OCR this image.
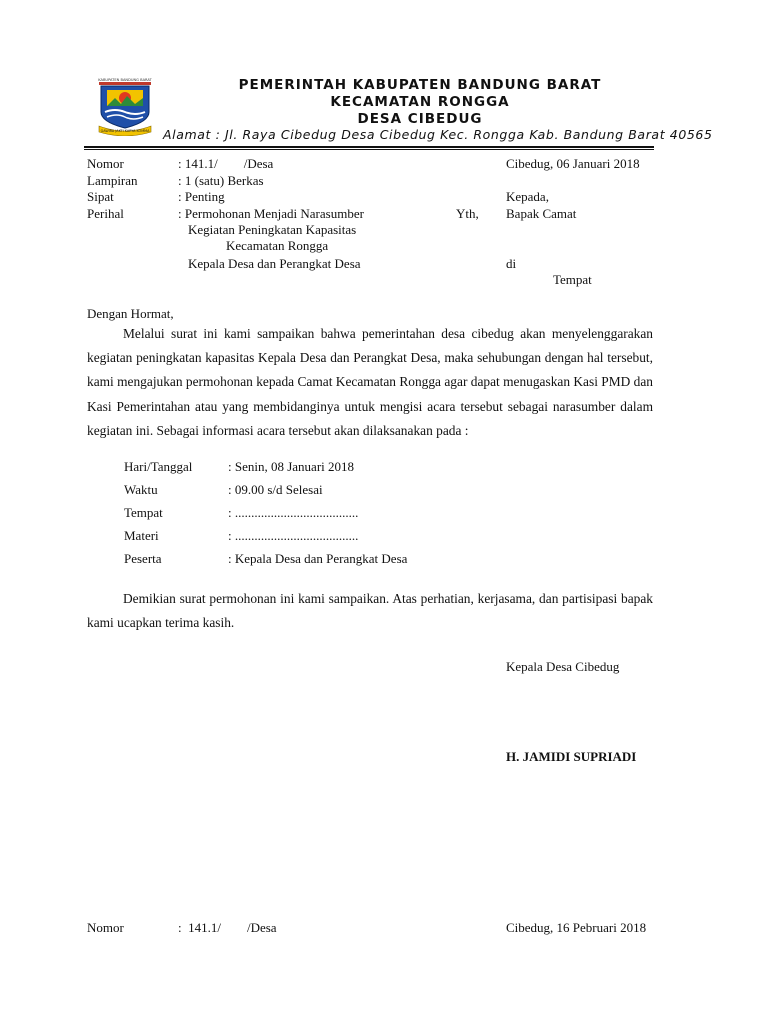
KABUPATEN BANDUNG BARAT
GAWIRA JAKTI KARYA KOMMA
PEMERINTAH KABUPATEN BANDUNG BARAT
KECAMATAN RONGGA
DESA CIBEDUG
Alamat : Jl. Raya Cibedug Desa Cibedug Kec. Rongga Kab. Bandung Barat 40565
Nomor	: 141.1/        /Desa
Lampiran	: 1 (satu) Berkas
Sipat	: Penting
Perihal	: Permohonan Menjadi Narasumber
Kegiatan Peningkatan Kapasitas
Kecamatan Rongga
Kepala Desa dan Perangkat Desa
Cibedug, 06 Januari 2018
Kepada,
Yth, Bapak Camat
di
Tempat
Dengan Hormat,

Melalui surat ini kami sampaikan bahwa pemerintahan desa cibedug akan menyelenggarakan kegiatan peningkatan kapasitas Kepala Desa dan Perangkat Desa, maka sehubungan dengan hal tersebut, kami mengajukan permohonan kepada Camat Kecamatan Rongga agar dapat menugaskan Kasi PMD dan Kasi Pemerintahan atau yang membidanginya untuk mengisi acara tersebut sebagai narasumber dalam kegiatan ini. Sebagai informasi acara tersebut akan dilaksanakan pada :

Hari/Tanggal	: Senin, 08 Januari 2018
Waktu	: 09.00 s/d Selesai
Tempat	: ......................................
Materi	: ......................................
Peserta	: Kepala Desa dan Perangkat Desa

Demikian surat permohonan ini kami sampaikan. Atas perhatian, kerjasama, dan partisipasi bapak kami ucapkan terima kasih.

Kepala Desa Cibedug
H. JAMIDI SUPRIADI
Nomor	:  141.1/        /Desa	Cibedug, 16 Pebruari 2018
